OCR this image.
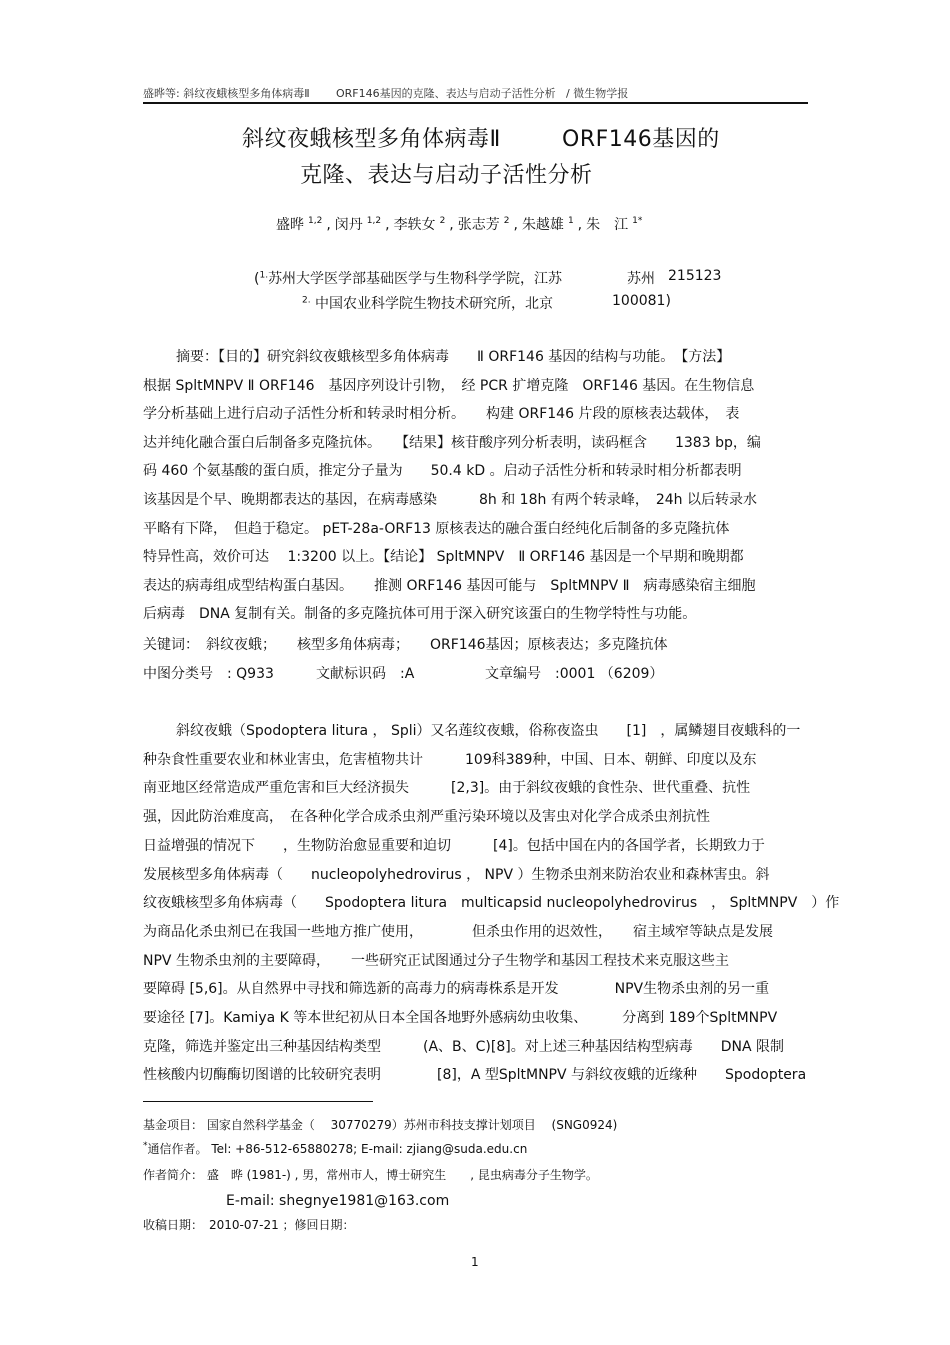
盛晔等: 斜纹夜蛾核型多角体病毒Ⅱ ORF146基因的克隆、表达与启动子活性分析 / 微生物学报
斜纹夜蛾核型多角体病毒Ⅱ	ORF146基因的
克隆、表达与启动子活性分析
盛晔 $^{1,2}$ , 闵丹 $^{1,2}$ , 李轶女 $^2$ , 张志芳 $^2$ , 朱越雄 $^1$ , 朱　江 $^{1*}$
($^{1.}$苏州大学医学部基础医学与生物科学学院，江苏	苏州 215123
$^{2.}$ 中国农业科学院生物技术研究所，北京	100081)
摘要：【目的】研究斜纹夜蛾核型多角体病毒　　Ⅱ ORF146 基因的结构与功能。　【方法】
根据 SpltMNPV Ⅱ ORF146　基因序列设计引物，　经 PCR 扩增克隆　ORF146 基因。在生物信息
学分析基础上进行启动子活性分析和转录时相分析。　　构建 ORF146 片段的原核表达载体，　表
达并纯化融合蛋白后制备多克隆抗体。　　【结果】核苷酸序列分析表明，读码框含　　1383 bp，编
码 460 个氨基酸的蛋白质，推定分子量为　　50.4 kD 。启动子活性分析和转录时相分析都表明
该基因是个早、晚期都表达的基因，在病毒感染　　　8h 和 18h 有两个转录峰，　24h 以后转录水
平略有下降，　但趋于稳定。 pET-28a-ORF13 原核表达的融合蛋白经纯化后制备的多克隆抗体
特异性高，效价可达　 1:3200 以上。【结论】 SpltMNPV　Ⅱ ORF146 基因是一个早期和晚期都
表达的病毒组成型结构蛋白基因。　　推测 ORF146 基因可能与　SpltMNPV Ⅱ　病毒感染宿主细胞
后病毒　DNA 复制有关。制备的多克隆抗体可用于深入研究该蛋白的生物学特性与功能。
关键词：　斜纹夜蛾；　　核型多角体病毒；　　ORF146基因；原核表达；多克隆抗体
中图分类号　: Q933	文献标识码　:A	文章编号　:0001 （6209）
斜纹夜蛾（Spodoptera litura ， Spli）又名莲纹夜蛾，俗称夜盗虫　　[1]　，属鳞翅目夜蛾科的一
种杂食性重要农业和林业害虫，危害植物共计　　　109科389种，中国、日本、朝鲜、印度以及东
南亚地区经常造成严重危害和巨大经济损失　　　[2,3]。由于斜纹夜蛾的食性杂、世代重叠、抗性
强，因此防治难度高，　在各种化学合成杀虫剂严重污染环境以及害虫对化学合成杀虫剂抗性
日益增强的情况下　　，生物防治愈显重要和迫切　　　[4]。包括中国在内的各国学者，长期致力于
发展核型多角体病毒（　　nucleopolyhedrovirus ， NPV ）生物杀虫剂来防治农业和森林害虫。斜
纹夜蛾核型多角体病毒（　　Spodoptera litura　multicapsid nucleopolyhedrovirus　， SpltMNPV　）作
为商品化杀虫剂已在我国一些地方推广使用，　　　　但杀虫作用的迟效性，　　宿主域窄等缺点是发展
NPV 生物杀虫剂的主要障碍，　　一些研究正试图通过分子生物学和基因工程技术来克服这些主
要障碍 [5,6]。从自然界中寻找和筛选新的高毒力的病毒株系是开发　　　　NPV生物杀虫剂的另一重
要途径 [7]。Kamiya K 等本世纪初从日本全国各地野外感病幼虫收集、　　　分离到 189个SpltMNPV
克隆，筛选并鉴定出三种基因结构类型　　　(A、B、C)[8]。对上述三种基因结构型病毒　　DNA 限制
性核酸内切酶酶切图谱的比较研究表明　　　　[8]，A 型SpltMNPV 与斜纹夜蛾的近缘种　　Spodoptera
基金项目： 国家自然科学基金（　 30770279）苏州市科技支撑计划项目　 (SNG0924)
*通信作者。 Tel: +86-512-65880278; E-mail: zjiang@suda.edu.cn
作者简介： 盛　晔 (1981-) , 男，常州市人，博士研究生　　, 昆虫病毒分子生物学。
E-mail: shegnye1981@163.com
收稿日期：　2010-07-21 ；修回日期：
1
